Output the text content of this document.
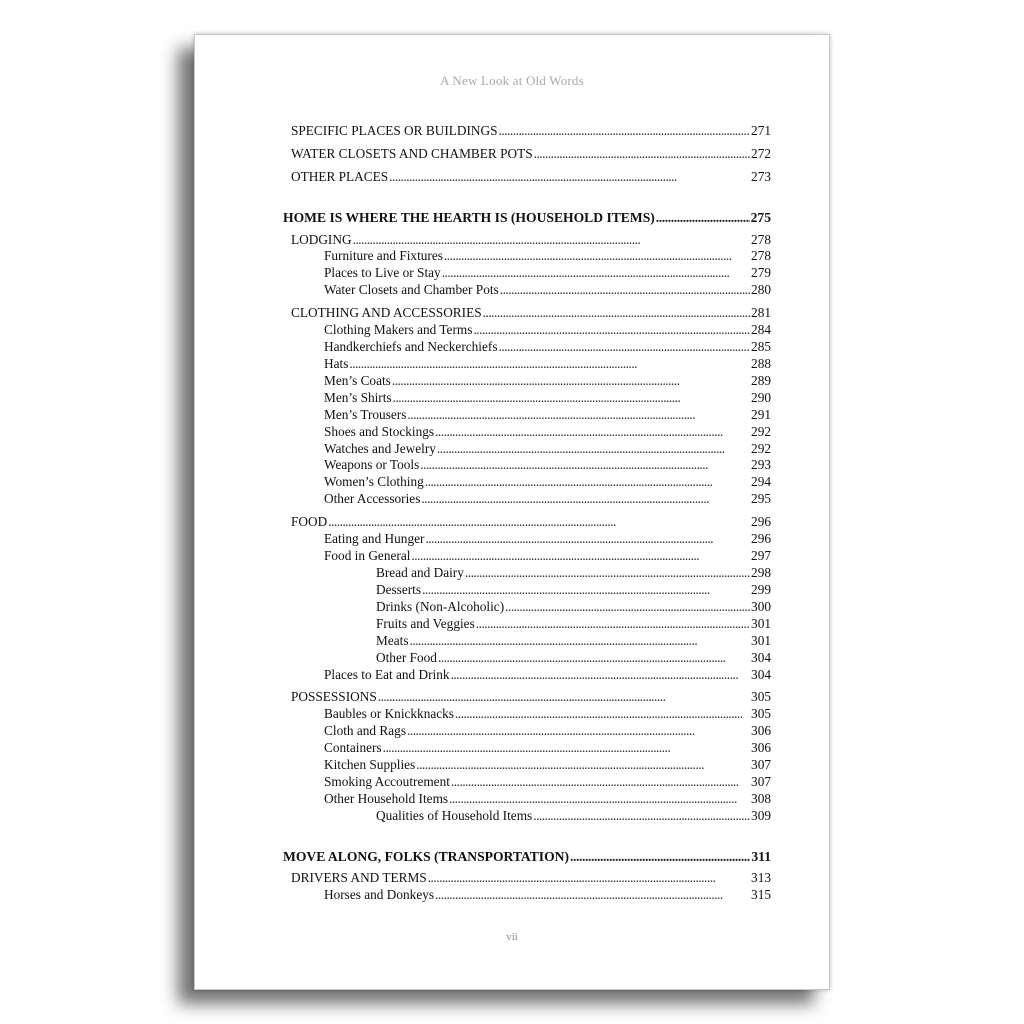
A New Look at Old Words
SPECIFIC PLACES OR BUILDINGS . . .	271
WATER CLOSETS AND CHAMBER POTS . . .	272
OTHER PLACES . . .	273
HOME IS WHERE THE HEARTH IS (HOUSEHOLD ITEMS) . . .	275
LODGING . . .	278
Furniture and Fixtures . . .	278
Places to Live or Stay . . .	279
Water Closets and Chamber Pots . . .	280
CLOTHING AND ACCESSORIES . . .	281
Clothing Makers and Terms . . .	284
Handkerchiefs and Neckerchiefs . . .	285
Hats . . .	288
Men’s Coats . . .	289
Men’s Shirts . . .	290
Men’s Trousers . . .	291
Shoes and Stockings . . .	292
Watches and Jewelry . . .	292
Weapons or Tools . . .	293
Women’s Clothing . . .	294
Other Accessories . . .	295
FOOD . . .	296
Eating and Hunger . . .	296
Food in General . . .	297
Bread and Dairy . . .	298
Desserts . . .	299
Drinks (Non-Alcoholic) . . .	300
Fruits and Veggies . . .	301
Meats . . .	301
Other Food . . .	304
Places to Eat and Drink . . .	304
POSSESSIONS . . .	305
Baubles or Knickknacks . . .	305
Cloth and Rags . . .	306
Containers . . .	306
Kitchen Supplies . . .	307
Smoking Accoutrement . . .	307
Other Household Items . . .	308
Qualities of Household Items . . .	309
MOVE ALONG, FOLKS (TRANSPORTATION) . . .	311
DRIVERS AND TERMS . . .	313
Horses and Donkeys . . .	315
vii
